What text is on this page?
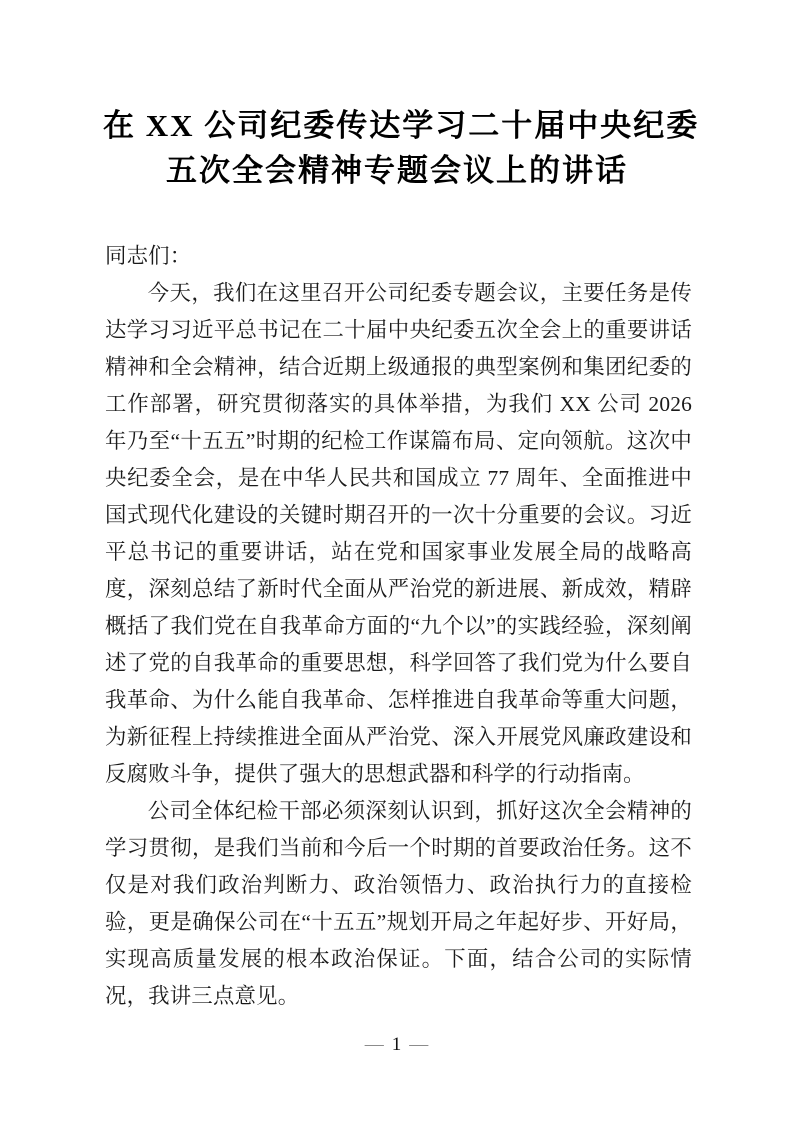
在 XX 公司纪委传达学习二十届中央纪委
五次全会精神专题会议上的讲话

同志们：

今天，我们在这里召开公司纪委专题会议，主要任务是传达学习习近平总书记在二十届中央纪委五次全会上的重要讲话精神和全会精神，结合近期上级通报的典型案例和集团纪委的工作部署，研究贯彻落实的具体举措，为我们 XX 公司 2026 年乃至“十五五”时期的纪检工作谋篇布局、定向领航。这次中央纪委全会，是在中华人民共和国成立 77 周年、全面推进中国式现代化建设的关键时期召开的一次十分重要的会议。习近平总书记的重要讲话，站在党和国家事业发展全局的战略高度，深刻总结了新时代全面从严治党的新进展、新成效，精辟概括了我们党在自我革命方面的“九个以”的实践经验，深刻阐述了党的自我革命的重要思想，科学回答了我们党为什么要自我革命、为什么能自我革命、怎样推进自我革命等重大问题，为新征程上持续推进全面从严治党、深入开展党风廉政建设和反腐败斗争，提供了强大的思想武器和科学的行动指南。

公司全体纪检干部必须深刻认识到，抓好这次全会精神的学习贯彻，是我们当前和今后一个时期的首要政治任务。这不仅是对我们政治判断力、政治领悟力、政治执行力的直接检验，更是确保公司在“十五五”规划开局之年起好步、开好局，实现高质量发展的根本政治保证。下面，结合公司的实际情况，我讲三点意见。

— 1 —
